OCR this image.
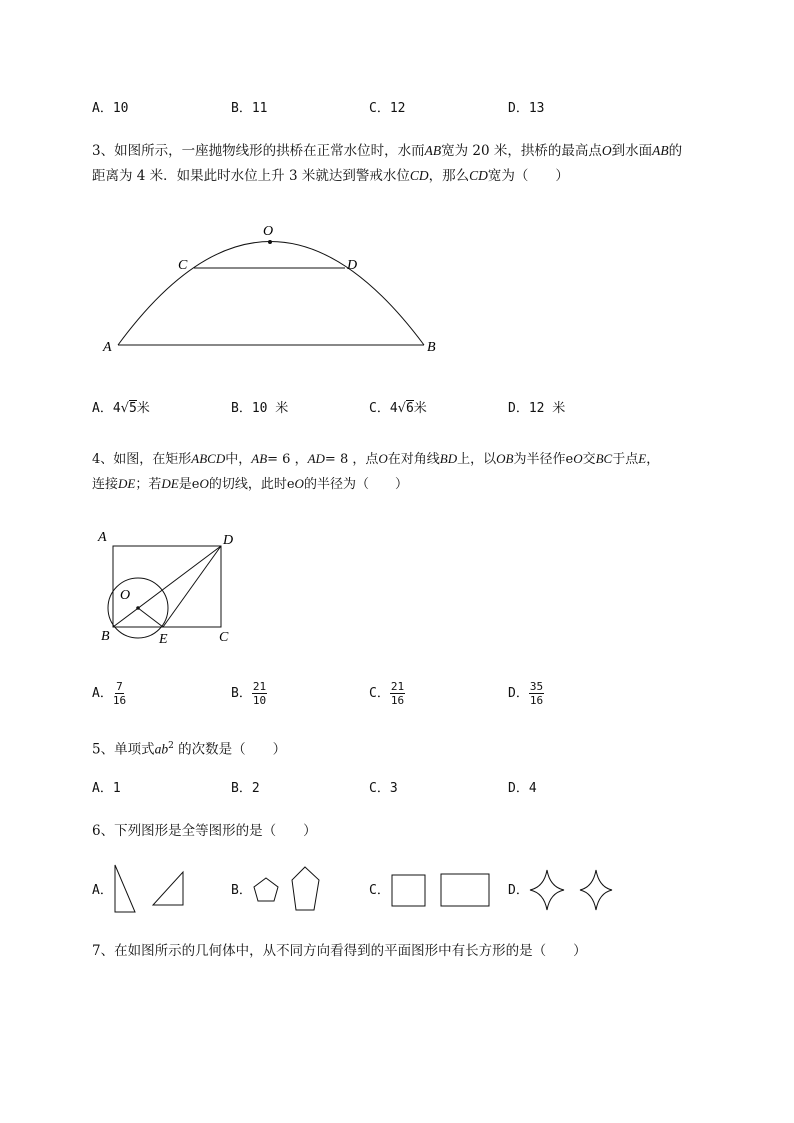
A．10	B．11	C．12	D．13
3、如图所示，一座抛物线形的拱桥在正常水位时，水而AB宽为 20 米，拱桥的最高点O到水面AB的
距离为 4 米．如果此时水位上升 3 米就达到警戒水位CD，那么CD宽为（　　）
O
C	D
A	B
A．4√5米	B．10 米	C．4√6米	D．12 米
4、如图，在矩形ABCD中，AB= 6 ，AD= 8 ，点O在对角线BD上，以OB为半径作eO交BC于点E，
连接DE；若DE是eO的切线，此时eO的半径为（　　）
A	D
O
B	E	C
A． $\frac{7}{16}$	B． $\frac{21}{10}$	C． $\frac{21}{16}$	D． $\frac{35}{16}$
5、单项式$ab^2$ 的次数是（　　）
A．1	B．2	C．3	D．4
6、下列图形是全等图形的是（　　）
A．	B．	C．	D．
7、在如图所示的几何体中，从不同方向看得到的平面图形中有长方形的是（　　）
